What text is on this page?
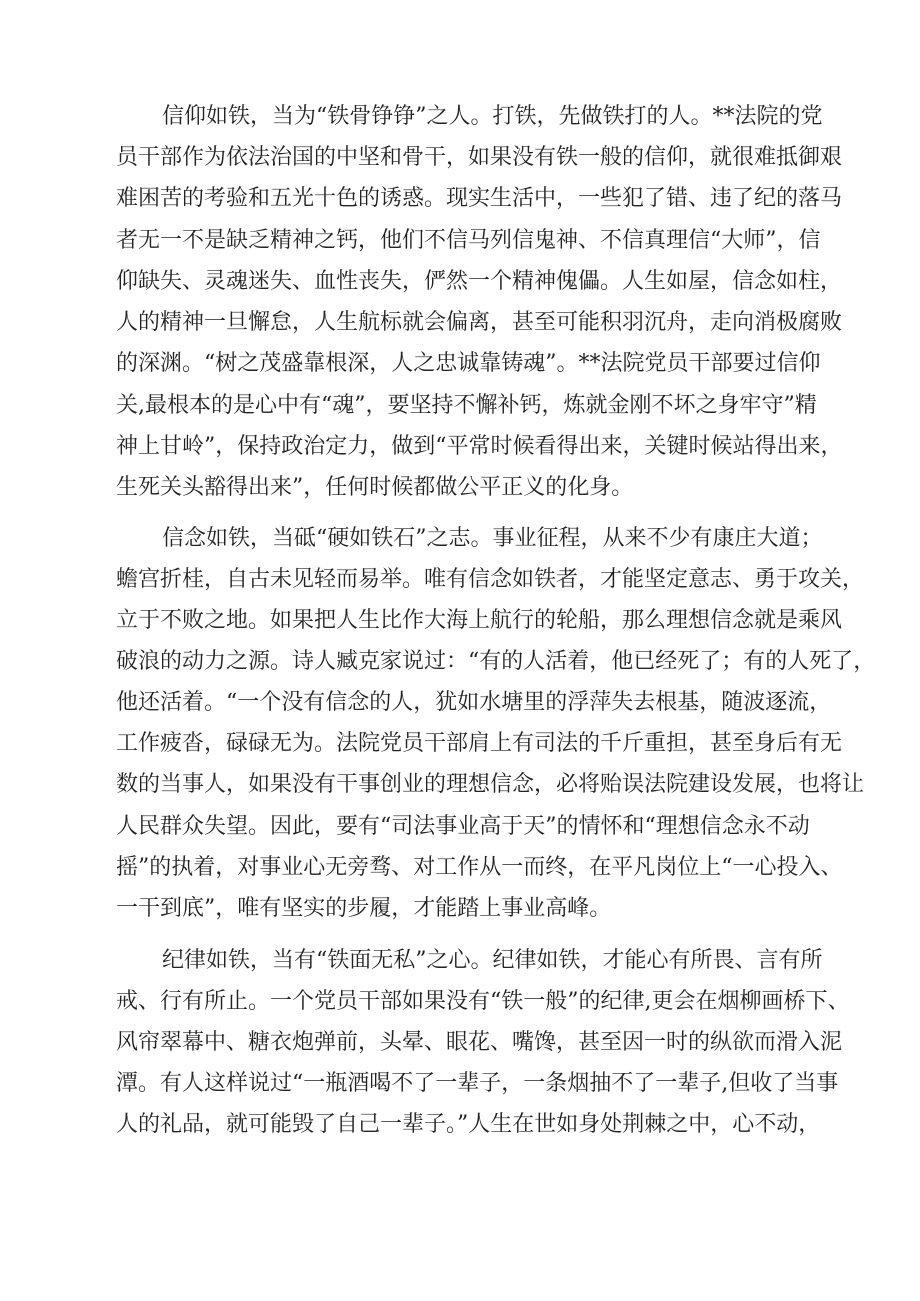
信仰如铁，当为“铁骨铮铮”之人。打铁，先做铁打的人。**法院的党
员干部作为依法治国的中坚和骨干，如果没有铁一般的信仰，就很难抵御艰
难困苦的考验和五光十色的诱惑。现实生活中，一些犯了错、违了纪的落马
者无一不是缺乏精神之钙，他们不信马列信鬼神、不信真理信“大师”，信
仰缺失、灵魂迷失、血性丧失，俨然一个精神傀儡。人生如屋，信念如柱，
人的精神一旦懈怠，人生航标就会偏离，甚至可能积羽沉舟，走向消极腐败
的深渊。“树之茂盛靠根深，人之忠诚靠铸魂”。**法院党员干部要过信仰
关,最根本的是心中有“魂”，要坚持不懈补钙，炼就金刚不坏之身牢守”精
神上甘岭”，保持政治定力，做到“平常时候看得出来，关键时候站得出来，
生死关头豁得出来”，任何时候都做公平正义的化身。
信念如铁，当砥“硬如铁石”之志。事业征程，从来不少有康庄大道；
蟾宫折桂，自古未见轻而易举。唯有信念如铁者，才能坚定意志、勇于攻关，
立于不败之地。如果把人生比作大海上航行的轮船，那么理想信念就是乘风
破浪的动力之源。诗人臧克家说过：“有的人活着，他已经死了；有的人死了，
他还活着。“一个没有信念的人，犹如水塘里的浮萍失去根基，随波逐流，
工作疲沓，碌碌无为。法院党员干部肩上有司法的千斤重担，甚至身后有无
数的当事人，如果没有干事创业的理想信念，必将贻误法院建设发展，也将让
人民群众失望。因此，要有“司法事业高于天”的情怀和“理想信念永不动
摇”的执着，对事业心无旁骛、对工作从一而终，在平凡岗位上“一心投入、
一干到底”，唯有坚实的步履，才能踏上事业高峰。
纪律如铁，当有“铁面无私”之心。纪律如铁，才能心有所畏、言有所
戒、行有所止。一个党员干部如果没有“铁一般”的纪律,更会在烟柳画桥下、
风帘翠幕中、糖衣炮弹前，头晕、眼花、嘴馋，甚至因一时的纵欲而滑入泥
潭。有人这样说过“一瓶酒喝不了一辈子，一条烟抽不了一辈子,但收了当事
人的礼品，就可能毁了自己一辈子。”人生在世如身处荆棘之中，心不动，
